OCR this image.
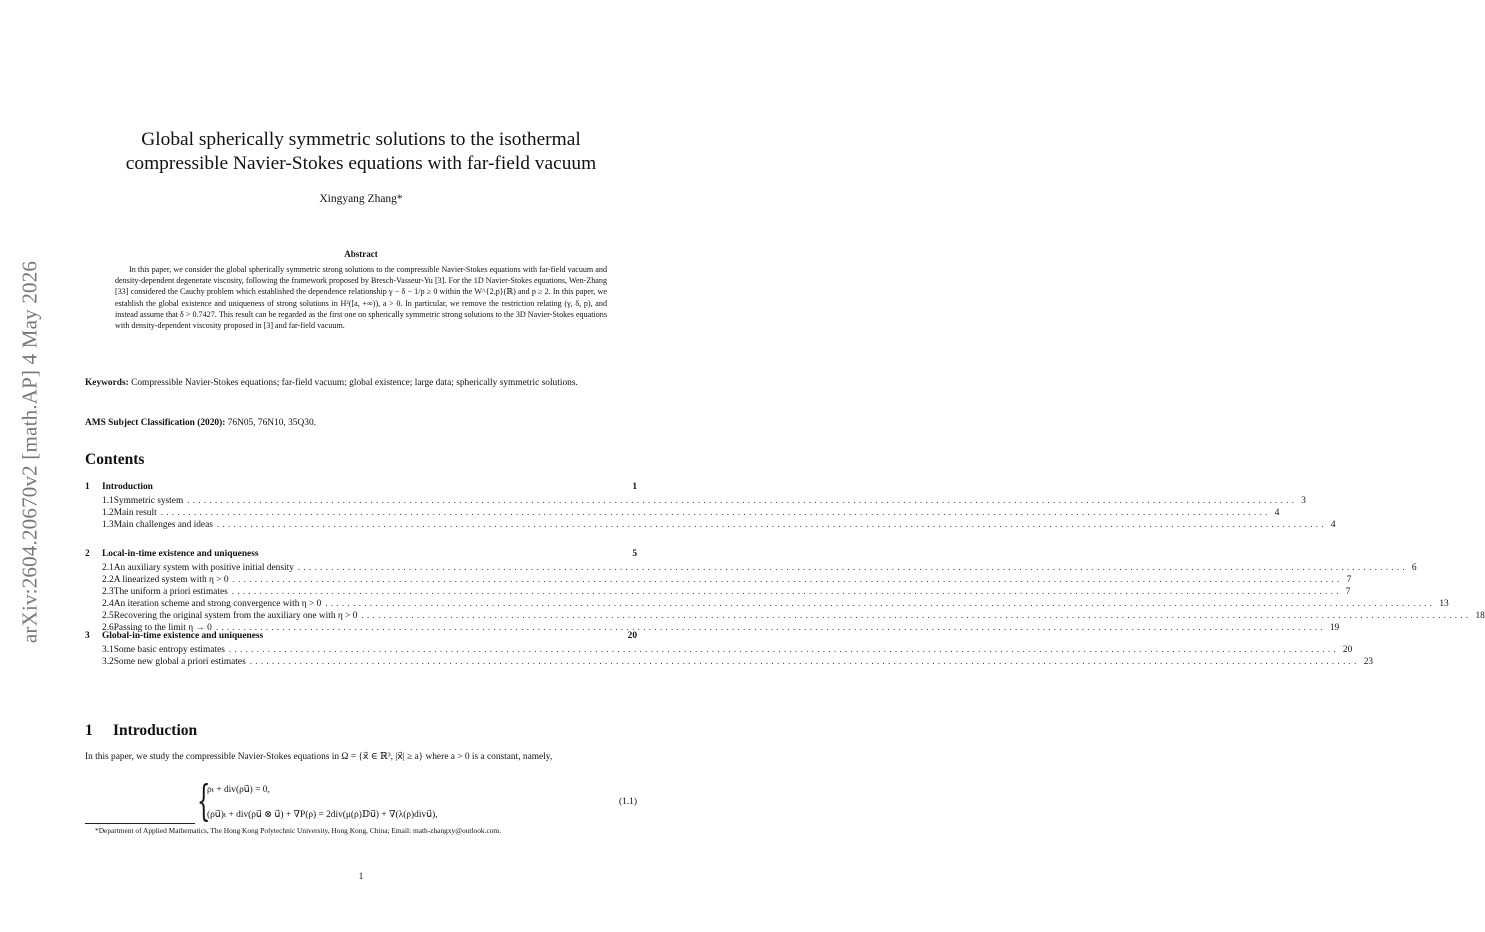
arXiv:2604.20670v2 [math.AP] 4 May 2026
Global spherically symmetric solutions to the isothermal
compressible Navier-Stokes equations with far-field vacuum
Xingyang Zhang*
Abstract

In this paper, we consider the global spherically symmetric strong solutions to the compressible Navier-Stokes equations with far-field vacuum and density-dependent degenerate viscosity, following the framework proposed by Bresch-Vasseur-Yu [3]. For the 1D Navier-Stokes equations, Wen-Zhang [33] considered the Cauchy problem which established the dependence relationship γ − δ − 1/p ≥ 0 within the W^{2,p}(ℝ) and p ≥ 2. In this paper, we establish the global existence and uniqueness of strong solutions in H²([a, +∞)), a > 0. In particular, we remove the restriction relating (γ, δ, p), and instead assume that δ > 0.7427. This result can be regarded as the first one on spherically symmetric strong solutions to the 3D Navier-Stokes equations with density-dependent viscosity proposed in [3] and far-field vacuum.

Keywords: Compressible Navier-Stokes equations; far-field vacuum; global existence; large data; spherically symmetric solutions.
AMS Subject Classification (2020): 76N05, 76N10, 35Q30.
Contents
1	Introduction	1
1.1 Symmetric system ........................................................................................................................................................................................................ 3
1.2 Main result ........................................................................................................................................................................................................ 4
1.3 Main challenges and ideas ........................................................................................................................................................................................................ 4
2	Local-in-time existence and uniqueness	5
2.1 An auxiliary system with positive initial density ........................................................................................................................................................................................................ 6
2.2 A linearized system with η > 0 ........................................................................................................................................................................................................ 7
2.3 The uniform a priori estimates ........................................................................................................................................................................................................ 7
2.4 An iteration scheme and strong convergence with η > 0 ........................................................................................................................................................................................................ 13
2.5 Recovering the original system from the auxiliary one with η > 0 ........................................................................................................................................................................................................ 18
2.6 Passing to the limit η → 0 ........................................................................................................................................................................................................ 19
3	Global-in-time existence and uniqueness	20
3.1 Some basic entropy estimates ........................................................................................................................................................................................................ 20
3.2 Some new global a priori estimates ........................................................................................................................................................................................................ 23
1 Introduction
In this paper, we study the compressible Navier-Stokes equations in Ω = {x⃗ ∈ ℝ³, |x⃗| ≥ a} where a > 0 is a constant, namely,
{
ρₜ + div(ρu⃗) = 0,
(ρu⃗)ₜ + div(ρu⃗ ⊗ u⃗) + ∇P(ρ) = 2div(μ(ρ)𝔻u⃗) + ∇(λ(ρ)divu⃗),
(1.1)

*Department of Applied Mathematics, The Hong Kong Polytechnic University, Hong Kong, China; Email: math-zhangxy@outlook.com.

1
